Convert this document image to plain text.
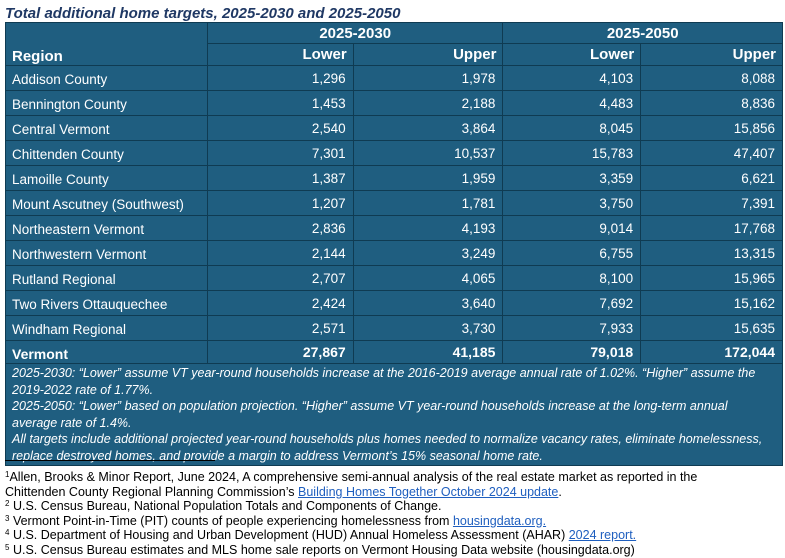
Total additional home targets, 2025-2030 and 2025-2050
Region	2025-2030		2025-2050	
	Lower	Upper	Lower	Upper
Addison County	1,296	1,978	4,103	8,088
Bennington County	1,453	2,188	4,483	8,836
Central Vermont	2,540	3,864	8,045	15,856
Chittenden County	7,301	10,537	15,783	47,407
Lamoille County	1,387	1,959	3,359	6,621
Mount Ascutney (Southwest)	1,207	1,781	3,750	7,391
Northeastern Vermont	2,836	4,193	9,014	17,768
Northwestern Vermont	2,144	3,249	6,755	13,315
Rutland Regional	2,707	4,065	8,100	15,965
Two Rivers Ottauquechee	2,424	3,640	7,692	15,162
Windham Regional	2,571	3,730	7,933	15,635
Vermont	27,867	41,185	79,018	172,044

2025-2030: “Lower” assume VT year-round households increase at the 2016-2019 average annual rate of 1.02%. “Higher” assume the 2019-2022 rate of 1.77%.

2025-2050: “Lower” based on population projection. “Higher” assume VT year-round households increase at the long-term annual average rate of 1.4%.

All targets include additional projected year-round households plus homes needed to normalize vacancy rates, eliminate homelessness, replace destroyed homes, and provide a margin to address Vermont’s 15% seasonal home rate.				

$^1$Allen, Brooks & Minor Report, June 2024, A comprehensive semi-annual analysis of the real estate market as reported in the

Chittenden County Regional Planning Commission’s Building Homes Together October 2024 update.

$^2$ U.S. Census Bureau, National Population Totals and Components of Change.

$^3$ Vermont Point-in-Time (PIT) counts of people experiencing homelessness from housingdata.org.

$^4$ U.S. Department of Housing and Urban Development (HUD) Annual Homeless Assessment (AHAR) 2024 report.

$^5$ U.S. Census Bureau estimates and MLS home sale reports on Vermont Housing Data website (housingdata.org)
